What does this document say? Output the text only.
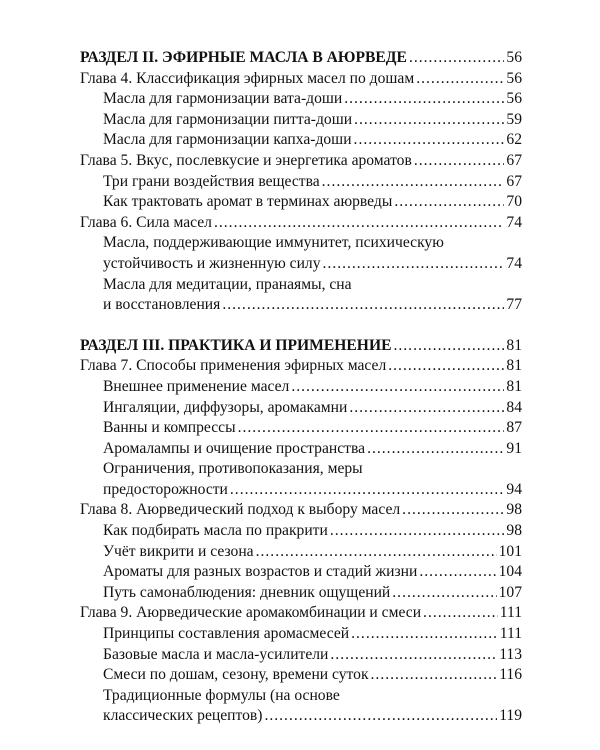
РАЗДЕЛ II. ЭФИРНЫЕ МАСЛА В АЮРВЕДЕ .....	56
Глава 4. Классификация эфирных масел по дошам .....	56
Масла для гармонизации вата-доши .....	56
Масла для гармонизации питта-доши .....	59
Масла для гармонизации капха-доши .....	62
Глава 5. Вкус, послевкусие и энергетика ароматов .....	67
Три грани воздействия вещества .....	67
Как трактовать аромат в терминах аюрведы .....	70
Глава 6. Сила масел .....	74
Масла, поддерживающие иммунитет, психическую
устойчивость и жизненную силу .....	74
Масла для медитации, пранаямы, сна
и восстановления .....	77
РАЗДЕЛ III. ПРАКТИКА И ПРИМЕНЕНИЕ .....	81
Глава 7. Способы применения эфирных масел .....	81
Внешнее применение масел .....	81
Ингаляции, диффузоры, аромакамни .....	84
Ванны и компрессы .....	87
Аромалампы и очищение пространства .....	91
Ограничения, противопоказания, меры
предосторожности .....	94
Глава 8. Аюрведический подход к выбору масел .....	98
Как подбирать масла по пракрити .....	98
Учёт викрити и сезона .....	101
Ароматы для разных возрастов и стадий жизни .....	104
Путь самонаблюдения: дневник ощущений .....	107
Глава 9. Аюрведические аромакомбинации и смеси .....	111
Принципы составления аромасмесей .....	111
Базовые масла и масла-усилители .....	113
Смеси по дошам, сезону, времени суток .....	116
Традиционные формулы (на основе
классических рецептов) .....	119
